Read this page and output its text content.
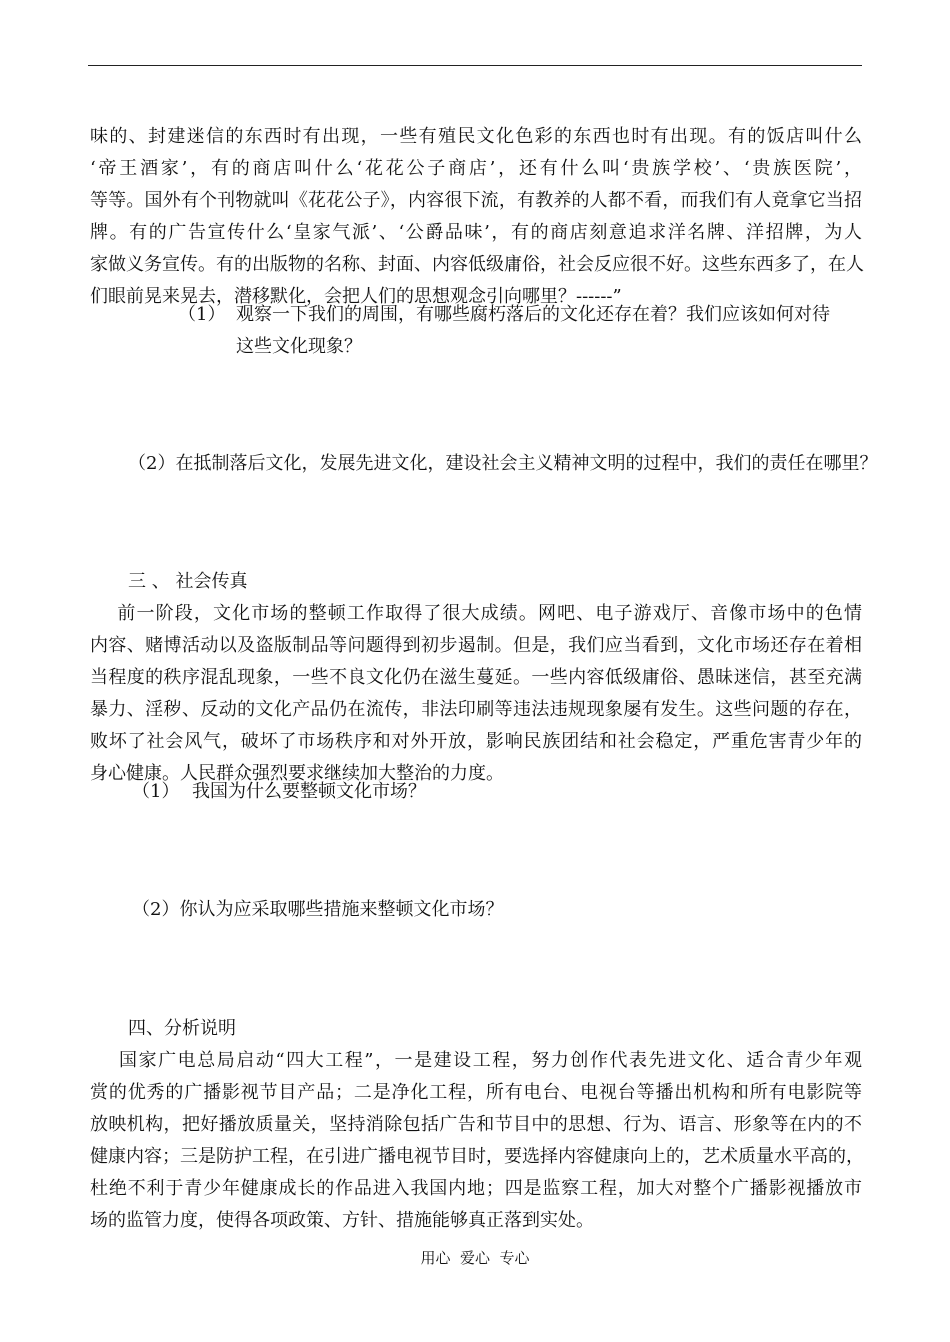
味的、封建迷信的东西时有出现，一些有殖民文化色彩的东西也时有出现。有的饭店叫什么
‘帝王酒家’，有的商店叫什么‘花花公子商店’，还有什么叫‘贵族学校’、‘贵族医院’，
等等。国外有个刊物就叫《花花公子》，内容很下流，有教养的人都不看，而我们有人竟拿它当招
牌。有的广告宣传什么‘皇家气派’、‘公爵品味’，有的商店刻意追求洋名牌、洋招牌，为人
家做义务宣传。有的出版物的名称、封面、内容低级庸俗，社会反应很不好。这些东西多了，在人
们眼前晃来晃去，潜移默化，会把人们的思想观念引向哪里？------”
（1） 观察一下我们的周围，有哪些腐朽落后的文化还存在着？我们应该如何对待
这些文化现象？
（2）在抵制落后文化，发展先进文化，建设社会主义精神文明的过程中，我们的责任在哪里？
三 、 社会传真
前一阶段，文化市场的整顿工作取得了很大成绩。网吧、电子游戏厅、音像市场中的色情
内容、赌博活动以及盗版制品等问题得到初步遏制。但是，我们应当看到，文化市场还存在着相
当程度的秩序混乱现象，一些不良文化仍在滋生蔓延。一些内容低级庸俗、愚昧迷信，甚至充满
暴力、淫秽、反动的文化产品仍在流传，非法印刷等违法违规现象屡有发生。这些问题的存在，
败坏了社会风气，破坏了市场秩序和对外开放，影响民族团结和社会稳定，严重危害青少年的
身心健康。人民群众强烈要求继续加大整治的力度。
（1） 我国为什么要整顿文化市场？
（2）你认为应采取哪些措施来整顿文化市场？
四、分析说明
国家广电总局启动“四大工程”，一是建设工程，努力创作代表先进文化、适合青少年观
赏的优秀的广播影视节目产品；二是净化工程，所有电台、电视台等播出机构和所有电影院等
放映机构，把好播放质量关，坚持消除包括广告和节目中的思想、行为、语言、形象等在内的不
健康内容；三是防护工程，在引进广播电视节目时，要选择内容健康向上的，艺术质量水平高的，
杜绝不利于青少年健康成长的作品进入我国内地；四是监察工程，加大对整个广播影视播放市
场的监管力度，使得各项政策、方针、措施能够真正落到实处。
用心  爱心  专心
